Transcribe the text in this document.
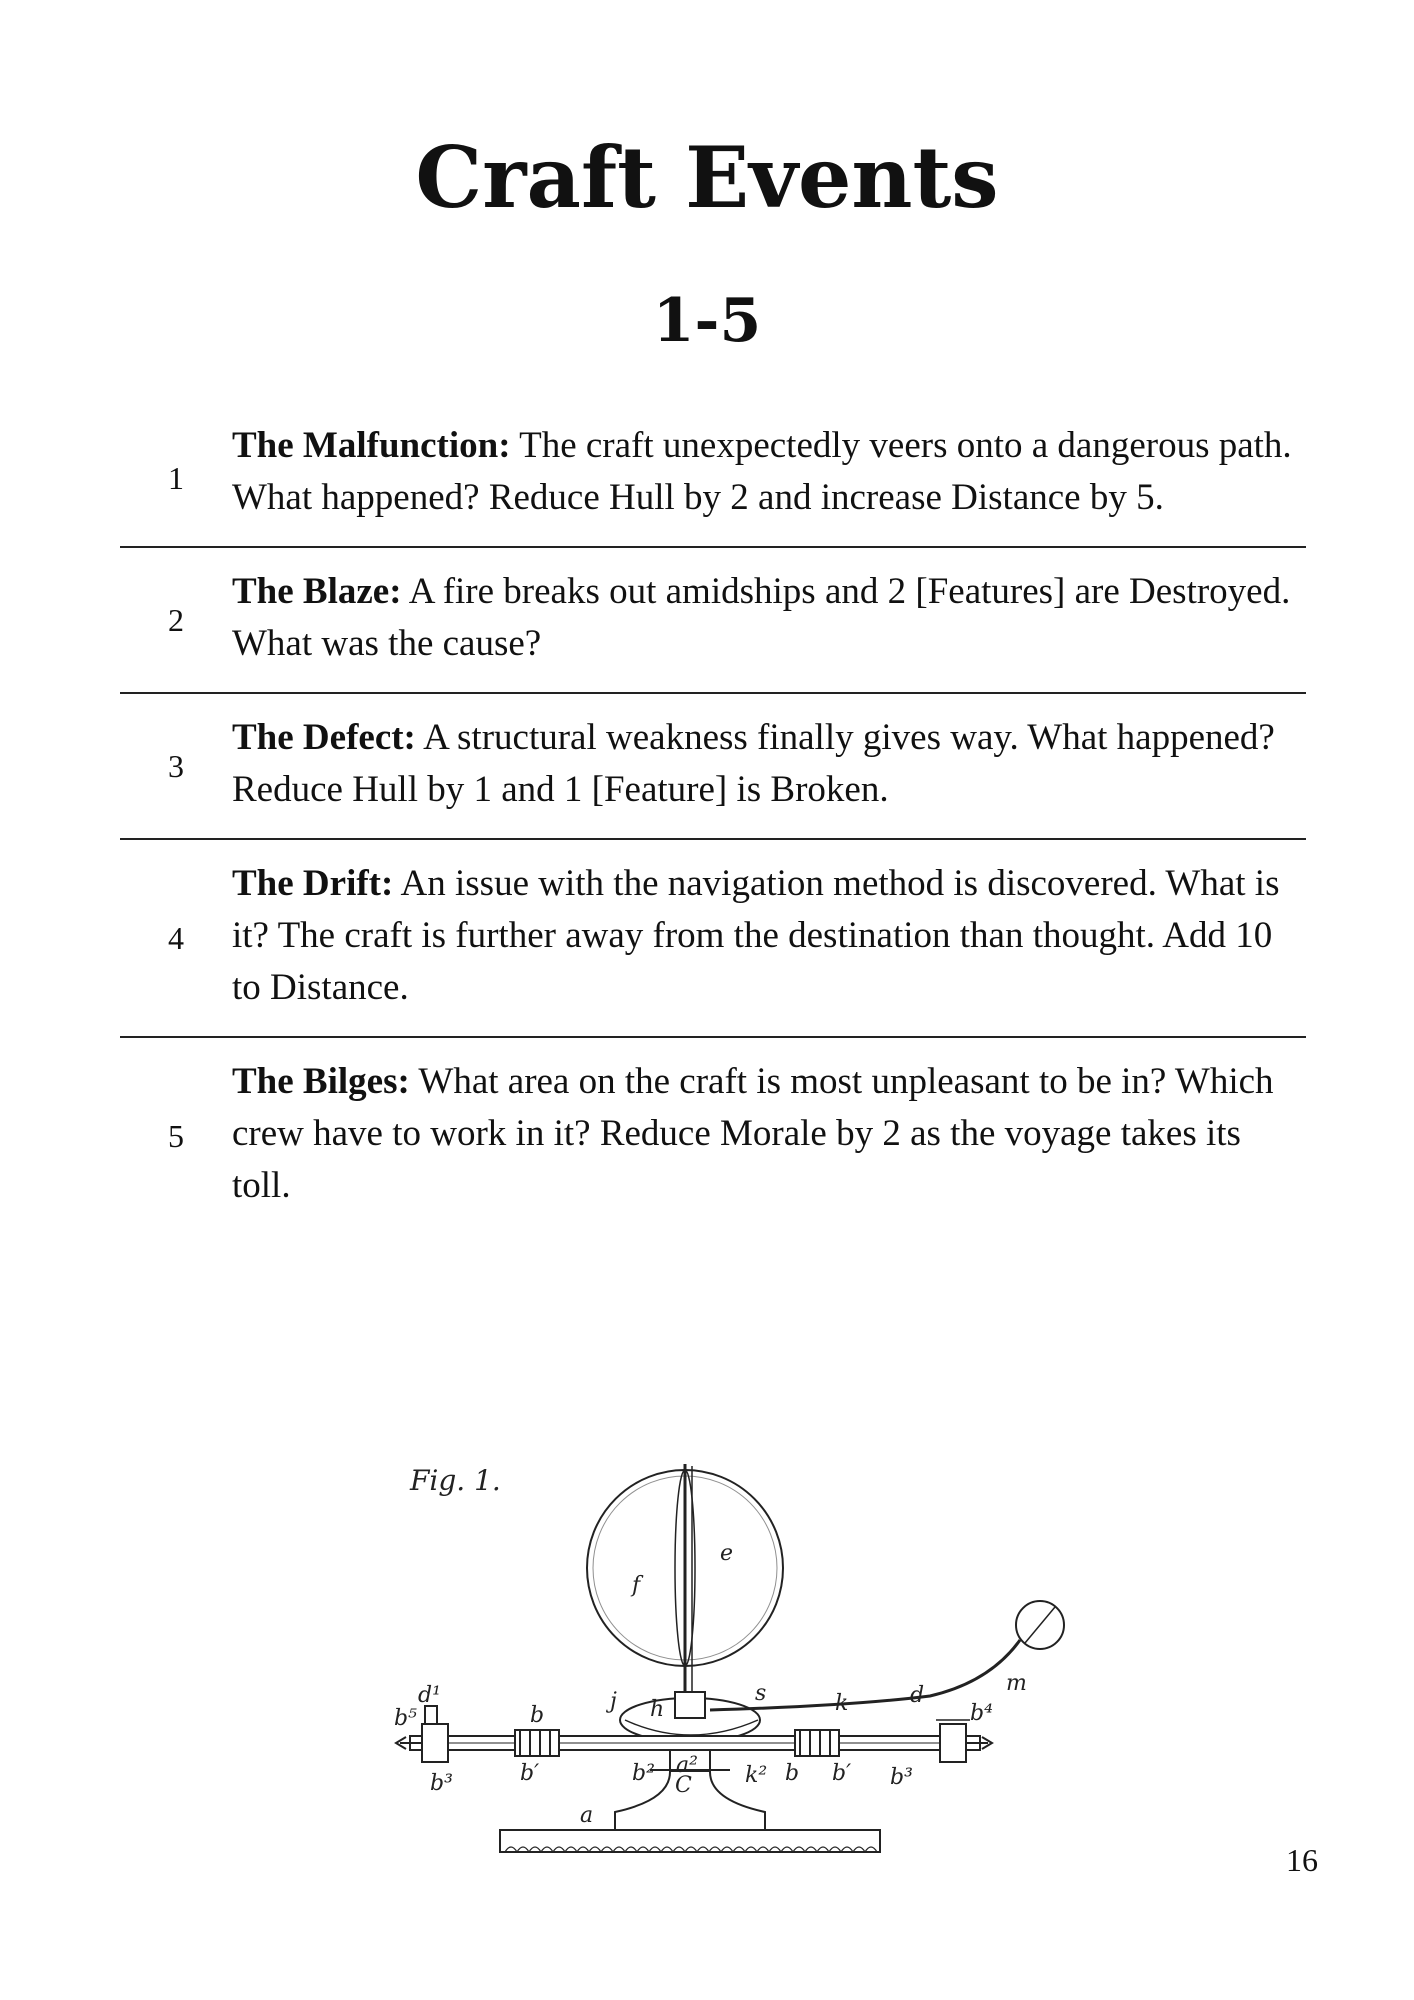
Craft Events
1-5
1	The Malfunction: The craft unexpectedly veers onto a dangerous path. What happened? Reduce Hull by 2 and increase Distance by 5.
2	The Blaze: A fire breaks out amidships and 2 [Features] are Destroyed. What was the cause?
3	The Defect: A structural weakness finally gives way. What happened? Reduce Hull by 1 and 1 [Feature] is Broken.
4	The Drift: An issue with the navigation method is discovered. What is it? The craft is further away from the destination than thought. Add 10 to Distance.
5	The Bilges: What area on the craft is most unpleasant to be in? Which crew have to work in it? Reduce Morale by 2 as the voyage takes its toll.
Fig. 1.
f
e
d¹
b⁵
b³
b
b′
j h
a²
b² C k²
s	k
b b′
d
b⁴
b³
m
a
16
